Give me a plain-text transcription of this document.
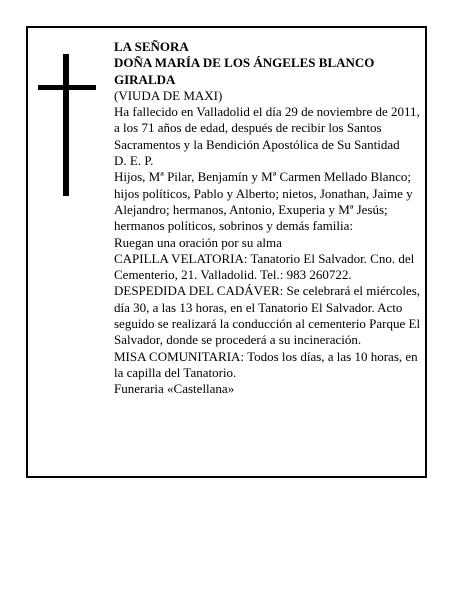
LA SEÑORA
DOÑA MARÍA DE LOS ÁNGELES BLANCO
GIRALDA
(VIUDA DE MAXI)
Ha fallecido en Valladolid el día 29 de noviembre de 2011, a los 71 años de edad, después de recibir los Santos Sacramentos y la Bendición Apostólica de Su Santidad
D. E. P.
Hijos, Mª Pilar, Benjamín y Mª Carmen Mellado Blanco; hijos políticos, Pablo y Alberto; nietos, Jonathan, Jaime y Alejandro; hermanos, Antonio, Exuperia y Mª Jesús; hermanos políticos, sobrinos y demás familia:
Ruegan una oración por su alma
CAPILLA VELATORIA: Tanatorio El Salvador. Cno. del Cementerio, 21. Valladolid. Tel.: 983 260722.
DESPEDIDA DEL CADÁVER: Se celebrará el miércoles, día 30, a las 13 horas, en el Tanatorio El Salvador. Acto seguido se realizará la conducción al cementerio Parque El Salvador, donde se procederá a su incineración.
MISA COMUNITARIA: Todos los días, a las 10 horas, en la capilla del Tanatorio.
Funeraria «Castellana»
